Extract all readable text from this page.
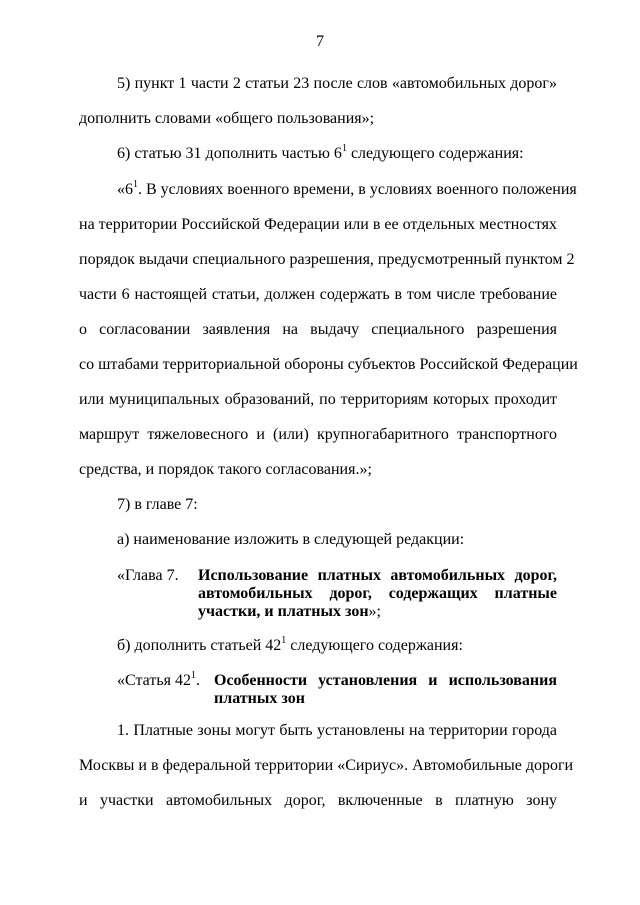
7
5) пункт 1 части 2 статьи 23 после слов «автомобильных дорог»
дополнить словами «общего пользования»;
6) статью 31 дополнить частью $6^1$ следующего содержания:
«$6^1$. В условиях военного времени, в условиях военного положения
на территории Российской Федерации или в ее отдельных местностях
порядок выдачи специального разрешения, предусмотренный пунктом 2
части 6 настоящей статьи, должен содержать в том числе требование
о согласовании заявления на выдачу специального разрешения
со штабами территориальной обороны субъектов Российской Федерации
или муниципальных образований, по территориям которых проходит
маршрут тяжеловесного и (или) крупногабаритного транспортного
средства, и порядок такого согласования.»;
7) в главе 7:
а) наименование изложить в следующей редакции:
«Глава 7. Использование платных автомобильных дорог,
автомобильных дорог, содержащих платные
участки, и платных зон»;
б) дополнить статьей $42^1$ следующего содержания:
«Статья $42^1$. Особенности установления и использования
платных зон
1. Платные зоны могут быть установлены на территории города
Москвы и в федеральной территории «Сириус». Автомобильные дороги
и участки автомобильных дорог, включенные в платную зону
